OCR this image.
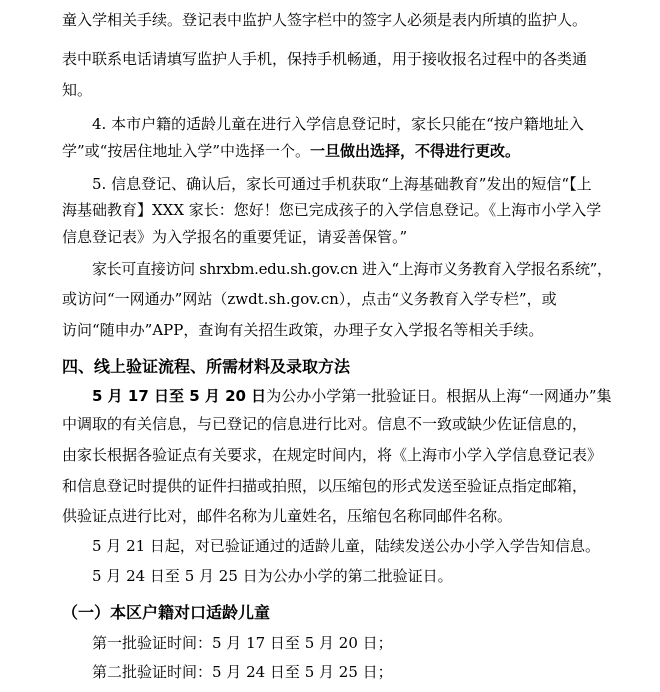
童入学相关手续。登记表中监护人签字栏中的签字人必须是表内所填的监护人。
表中联系电话请填写监护人手机，保持手机畅通，用于接收报名过程中的各类通
知。
4. 本市户籍的适龄儿童在进行入学信息登记时，家长只能在“按户籍地址入
学”或“按居住地址入学”中选择一个。一旦做出选择，不得进行更改。
5. 信息登记、确认后，家长可通过手机获取“上海基础教育”发出的短信“【上
海基础教育】XXX 家长：您好！您已完成孩子的入学信息登记。《上海市小学入学
信息登记表》为入学报名的重要凭证，请妥善保管。”
家长可直接访问 shrxbm.edu.sh.gov.cn 进入“上海市义务教育入学报名系统”，
或访问“一网通办”网站（zwdt.sh.gov.cn），点击“义务教育入学专栏”，或
访问“随申办”APP，查询有关招生政策，办理子女入学报名等相关手续。
四、线上验证流程、所需材料及录取方法
5 月 17 日至 5 月 20 日为公办小学第一批验证日。根据从上海“一网通办”集
中调取的有关信息，与已登记的信息进行比对。信息不一致或缺少佐证信息的，
由家长根据各验证点有关要求，在规定时间内，将《上海市小学入学信息登记表》
和信息登记时提供的证件扫描或拍照，以压缩包的形式发送至验证点指定邮箱，
供验证点进行比对，邮件名称为儿童姓名，压缩包名称同邮件名称。
5 月 21 日起，对已验证通过的适龄儿童，陆续发送公办小学入学告知信息。
5 月 24 日至 5 月 25 日为公办小学的第二批验证日。
（一）本区户籍对口适龄儿童
第一批验证时间：5 月 17 日至 5 月 20 日；
第二批验证时间：5 月 24 日至 5 月 25 日；
